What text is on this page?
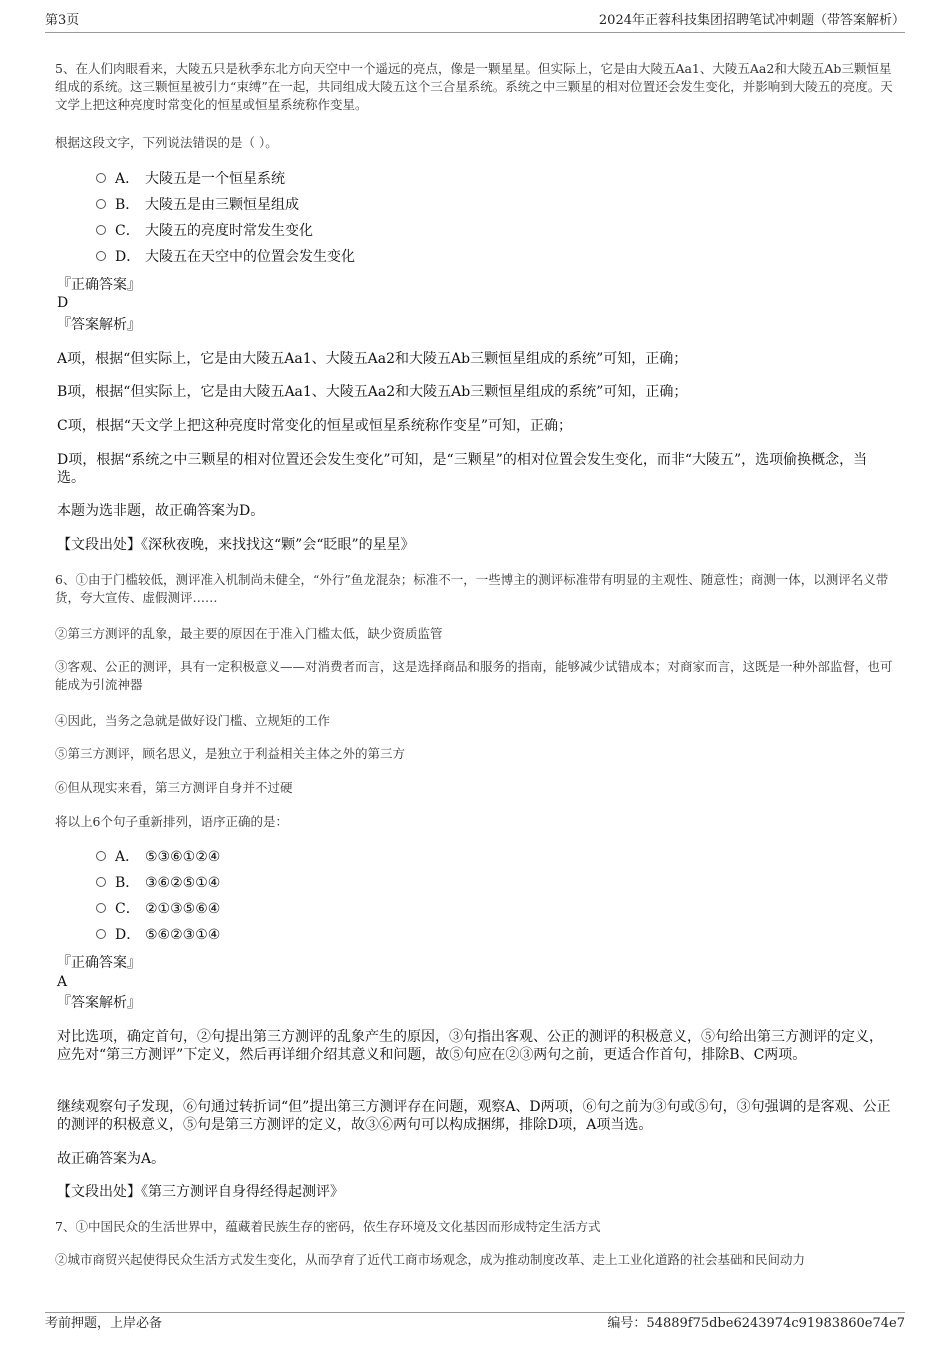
第3页	2024年正蓉科技集团招聘笔试冲刺题（带答案解析）
5、在人们肉眼看来，大陵五只是秋季东北方向天空中一个遥远的亮点，像是一颗星星。但实际上，它是由大陵五Aa1、大陵五Aa2和大陵五Ab三颗恒星组成的系统。这三颗恒星被引力“束缚”在一起，共同组成大陵五这个三合星系统。系统之中三颗星的相对位置还会发生变化，并影响到大陵五的亮度。天文学上把这种亮度时常变化的恒星或恒星系统称作变星。
根据这段文字，下列说法错误的是（ ）。
A． 大陵五是一个恒星系统
B． 大陵五是由三颗恒星组成
C． 大陵五的亮度时常发生变化
D． 大陵五在天空中的位置会发生变化
『正确答案』
D
『答案解析』
A项，根据“但实际上，它是由大陵五Aa1、大陵五Aa2和大陵五Ab三颗恒星组成的系统”可知，正确；
B项，根据“但实际上，它是由大陵五Aa1、大陵五Aa2和大陵五Ab三颗恒星组成的系统”可知，正确；
C项，根据“天文学上把这种亮度时常变化的恒星或恒星系统称作变星”可知，正确；
D项，根据“系统之中三颗星的相对位置还会发生变化”可知，是“三颗星”的相对位置会发生变化，而非“大陵五”，选项偷换概念，当选。
本题为选非题，故正确答案为D。
【文段出处】《深秋夜晚，来找找这“颗”会“眨眼”的星星》
6、①由于门槛较低，测评准入机制尚未健全，“外行”鱼龙混杂；标准不一，一些博主的测评标准带有明显的主观性、随意性；商测一体，以测评名义带货，夸大宣传、虚假测评……
②第三方测评的乱象，最主要的原因在于准入门槛太低，缺少资质监管
③客观、公正的测评，具有一定积极意义——对消费者而言，这是选择商品和服务的指南，能够减少试错成本；对商家而言，这既是一种外部监督，也可能成为引流神器
④因此，当务之急就是做好设门槛、立规矩的工作
⑤第三方测评，顾名思义，是独立于利益相关主体之外的第三方
⑥但从现实来看，第三方测评自身并不过硬
将以上6个句子重新排列，语序正确的是：
A． ⑤③⑥①②④
B． ③⑥②⑤①④
C． ②①③⑤⑥④
D． ⑤⑥②③①④
『正确答案』
A
『答案解析』
对比选项，确定首句，②句提出第三方测评的乱象产生的原因，③句指出客观、公正的测评的积极意义，⑤句给出第三方测评的定义，应先对“第三方测评”下定义，然后再详细介绍其意义和问题，故⑤句应在②③两句之前，更适合作首句，排除B、C两项。
继续观察句子发现，⑥句通过转折词“但”提出第三方测评存在问题，观察A、D两项，⑥句之前为③句或⑤句，③句强调的是客观、公正的测评的积极意义，⑤句是第三方测评的定义，故③⑥两句可以构成捆绑，排除D项，A项当选。
故正确答案为A。
【文段出处】《第三方测评自身得经得起测评》
7、①中国民众的生活世界中，蕴藏着民族生存的密码，依生存环境及文化基因而形成特定生活方式
②城市商贸兴起使得民众生活方式发生变化，从而孕育了近代工商市场观念，成为推动制度改革、走上工业化道路的社会基础和民间动力
考前押题，上岸必备	编号：54889f75dbe6243974c91983860e74e7
